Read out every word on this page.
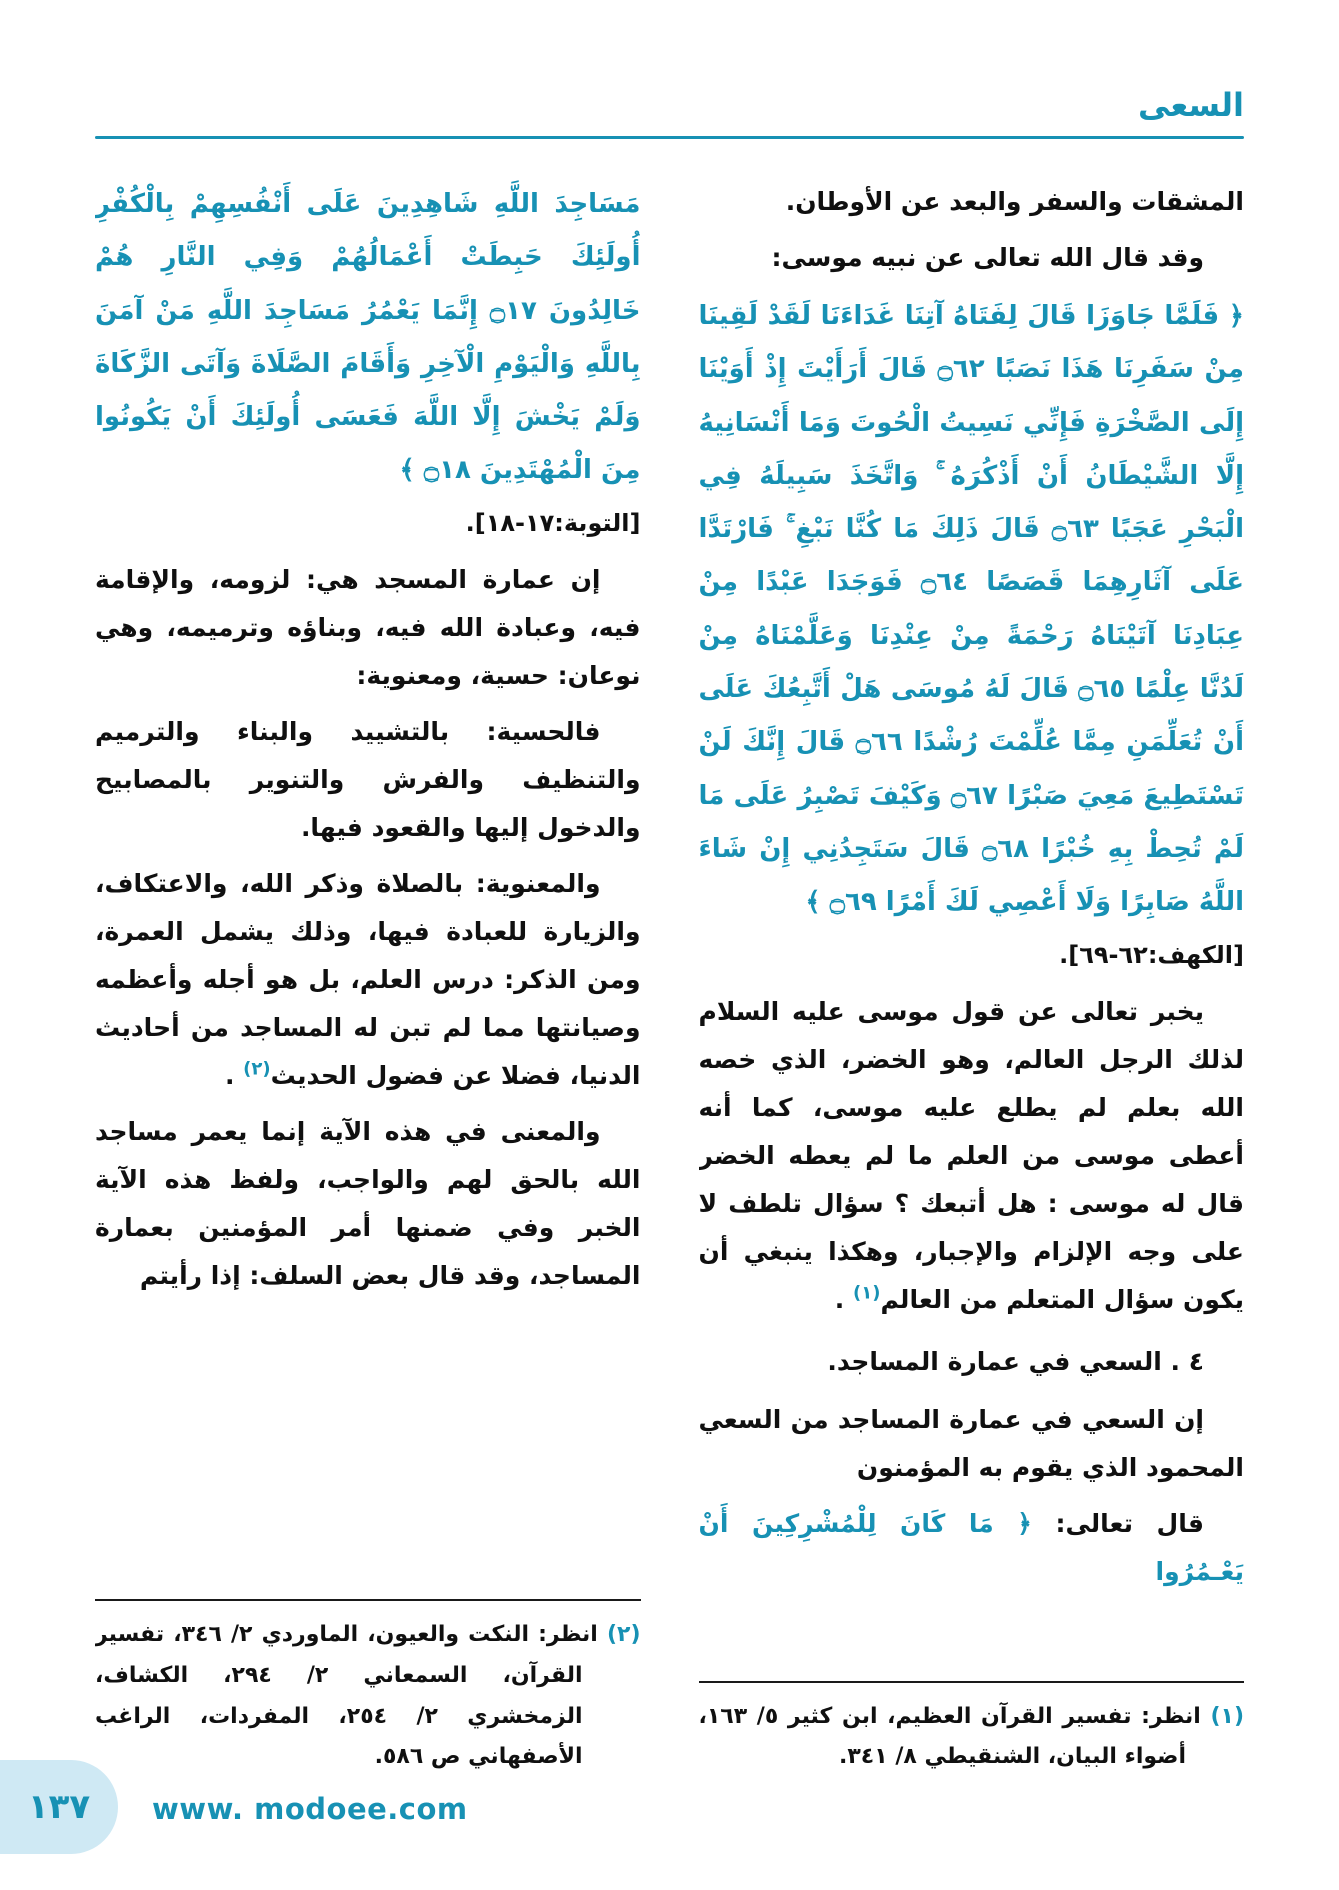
السعى

المشقات والسفر والبعد عن الأوطان.

وقد قال الله تعالى عن نبيه موسى:

﴿ فَلَمَّا جَاوَزَا قَالَ لِفَتَاهُ آتِنَا غَدَاءَنَا لَقَدْ لَقِينَا مِنْ سَفَرِنَا هَذَا نَصَبًا ۝٦٢ قَالَ أَرَأَيْتَ إِذْ أَوَيْنَا إِلَى الصَّخْرَةِ فَإِنِّي نَسِيتُ الْحُوتَ وَمَا أَنْسَانِيهُ إِلَّا الشَّيْطَانُ أَنْ أَذْكُرَهُ ۚ وَاتَّخَذَ سَبِيلَهُ فِي الْبَحْرِ عَجَبًا ۝٦٣ قَالَ ذَلِكَ مَا كُنَّا نَبْغِ ۚ فَارْتَدَّا عَلَى آثَارِهِمَا قَصَصًا ۝٦٤ فَوَجَدَا عَبْدًا مِنْ عِبَادِنَا آتَيْنَاهُ رَحْمَةً مِنْ عِنْدِنَا وَعَلَّمْنَاهُ مِنْ لَدُنَّا عِلْمًا ۝٦٥ قَالَ لَهُ مُوسَى هَلْ أَتَّبِعُكَ عَلَى أَنْ تُعَلِّمَنِ مِمَّا عُلِّمْتَ رُشْدًا ۝٦٦ قَالَ إِنَّكَ لَنْ تَسْتَطِيعَ مَعِيَ صَبْرًا ۝٦٧ وَكَيْفَ تَصْبِرُ عَلَى مَا لَمْ تُحِطْ بِهِ خُبْرًا ۝٦٨ قَالَ سَتَجِدُنِي إِنْ شَاءَ اللَّهُ صَابِرًا وَلَا أَعْصِي لَكَ أَمْرًا ۝٦٩ ﴾

[الكهف:٦٢-٦٩].

يخبر تعالى عن قول موسى عليه السلام لذلك الرجل العالم، وهو الخضر، الذي خصه الله بعلم لم يطلع عليه موسى، كما أنه أعطى موسى من العلم ما لم يعطه الخضر قال له موسى : هل أتبعك ؟ سؤال تلطف لا على وجه الإلزام والإجبار، وهكذا ينبغي أن يكون سؤال المتعلم من العالم$^{(١)}$ .

٤ . السعي في عمارة المساجد.

إن السعي في عمارة المساجد من السعي المحمود الذي يقوم به المؤمنون

قال تعالى: ﴿ مَا كَانَ لِلْمُشْرِكِينَ أَنْ يَعْـمُرُوا

(١) انظر: تفسير القرآن العظيم، ابن كثير ٥/ ١٦٣، أضواء البيان، الشنقيطي ٨/ ٣٤١.

مَسَاجِدَ اللَّهِ شَاهِدِينَ عَلَى أَنْفُسِهِمْ بِالْكُفْرِ أُولَئِكَ حَبِطَتْ أَعْمَالُهُمْ وَفِي النَّارِ هُمْ خَالِدُونَ ۝١٧ إِنَّمَا يَعْمُرُ مَسَاجِدَ اللَّهِ مَنْ آمَنَ بِاللَّهِ وَالْيَوْمِ الْآخِرِ وَأَقَامَ الصَّلَاةَ وَآتَى الزَّكَاةَ وَلَمْ يَخْشَ إِلَّا اللَّهَ فَعَسَى أُولَئِكَ أَنْ يَكُونُوا مِنَ الْمُهْتَدِينَ ۝١٨ ﴾

[التوبة:١٧-١٨].

إن عمارة المسجد هي: لزومه، والإقامة فيه، وعبادة الله فيه، وبناؤه وترميمه، وهي نوعان: حسية، ومعنوية:

فالحسية: بالتشييد والبناء والترميم والتنظيف والفرش والتنوير بالمصابيح والدخول إليها والقعود فيها.

والمعنوية: بالصلاة وذكر الله، والاعتكاف، والزيارة للعبادة فيها، وذلك يشمل العمرة، ومن الذكر: درس العلم، بل هو أجله وأعظمه وصيانتها مما لم تبن له المساجد من أحاديث الدنيا، فضلا عن فضول الحديث$^{(٢)}$ .

والمعنى في هذه الآية إنما يعمر مساجد الله بالحق لهم والواجب، ولفظ هذه الآية الخبر وفي ضمنها أمر المؤمنين بعمارة المساجد، وقد قال بعض السلف: إذا رأيتم

(٢) انظر: النكت والعيون، الماوردي ٢/ ٣٤٦، تفسير القرآن، السمعاني ٢/ ٢٩٤، الكشاف، الزمخشري ٢/ ٢٥٤، المفردات، الراغب الأصفهاني ص ٥٨٦.

١٣٧ www. modoee.com
